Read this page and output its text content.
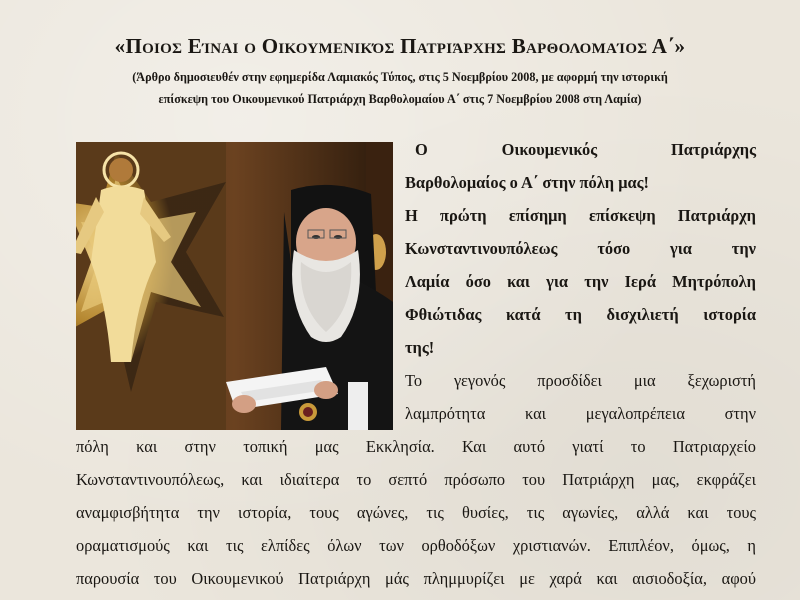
«Ποιος Είναι ο Οικουμενικός Πατριάρχης Βαρθολομαίος Α΄»
(Άρθρο δημοσιευθέν στην εφημερίδα Λαμιακός Τύπος, στις 5 Νοεμβρίου 2008, με αφορμή την ιστορική
επίσκεψη του Οικουμενικού Πατριάρχη Βαρθολομαίου Α΄ στις 7 Νοεμβρίου 2008 στη Λαμία)
Ο Οικουμενικός Πατριάρχης
Βαρθολομαίος ο Α΄ στην πόλη μας!
Η πρώτη επίσημη επίσκεψη Πατριάρχη
Κωνσταντινουπόλεως τόσο για την
Λαμία όσο και για την Ιερά Μητρόπολη
Φθιώτιδας κατά τη δισχιλιετή ιστορία
της!
Το γεγονός προσδίδει μια ξεχωριστή
λαμπρότητα και μεγαλοπρέπεια στην
πόλη και στην τοπική μας Εκκλησία. Και αυτό γιατί το Πατριαρχείο
Κωνσταντινουπόλεως, και ιδιαίτερα το σεπτό πρόσωπο του Πατριάρχη μας, εκφράζει
αναμφισβήτητα την ιστορία, τους αγώνες, τις θυσίες, τις αγωνίες, αλλά και τους
οραματισμούς και τις ελπίδες όλων των ορθοδόξων χριστιανών. Επιπλέον, όμως, η
παρουσία του Οικουμενικού Πατριάρχη μάς πλημμυρίζει με χαρά και αισιοδοξία, αφού
